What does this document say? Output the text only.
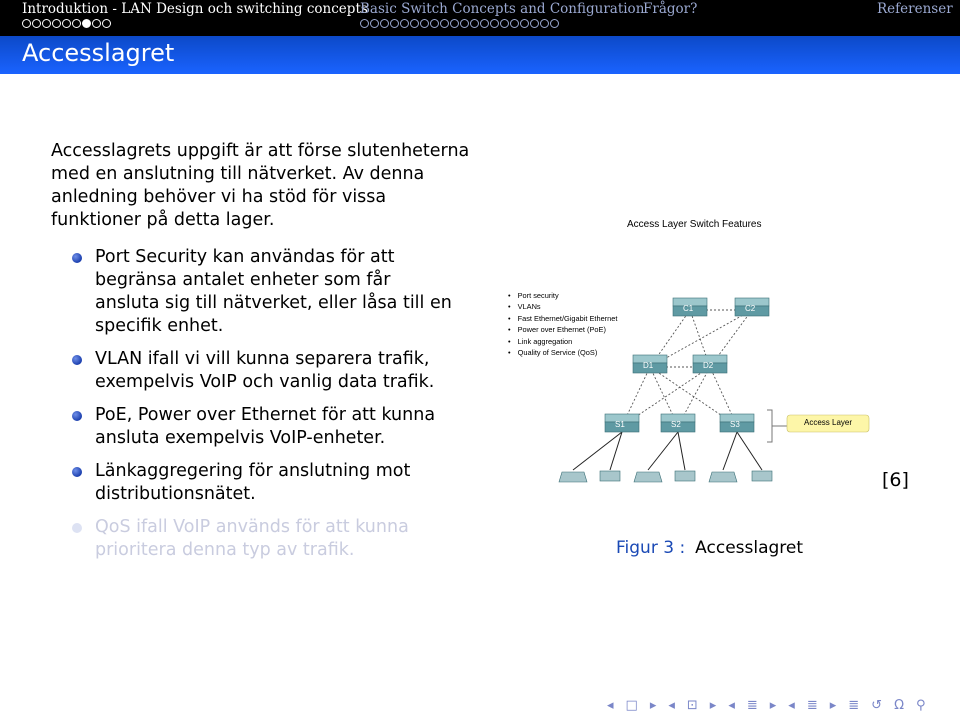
Introduktion - LAN Design och switching concepts
Basic Switch Concepts and Configuration
Frågor?	Referenser
Accesslagret
Accesslagrets uppgift är att förse slutenheterna med en anslutning till nätverket. Av denna anledning behöver vi ha stöd för vissa funktioner på detta lager.
Port Security kan användas för att begränsa antalet enheter som får ansluta sig till nätverket, eller låsa till en specifik enhet.
VLAN ifall vi vill kunna separera trafik, exempelvis VoIP och vanlig data trafik.
PoE, Power over Ethernet för att kunna ansluta exempelvis VoIP-enheter.
Länkaggregering för anslutning mot distributionsnätet.
QoS ifall VoIP används för att kunna prioritera denna typ av trafik.
Access Layer Switch Features
• Port security
• VLANs
• Fast Ethernet/Gigabit Ethernet
• Power over Ethernet (PoE)
• Link aggregation
• Quality of Service (QoS)
Access Layer
C1	C2
D1	D2
S1	S2	S3
Figur 3 : Accesslagret
[6]
◂ □ ▸ ◂ ⊡ ▸ ◂ ≣ ▸ ◂ ≣ ▸ ≣ ↺ Ω ⚲
